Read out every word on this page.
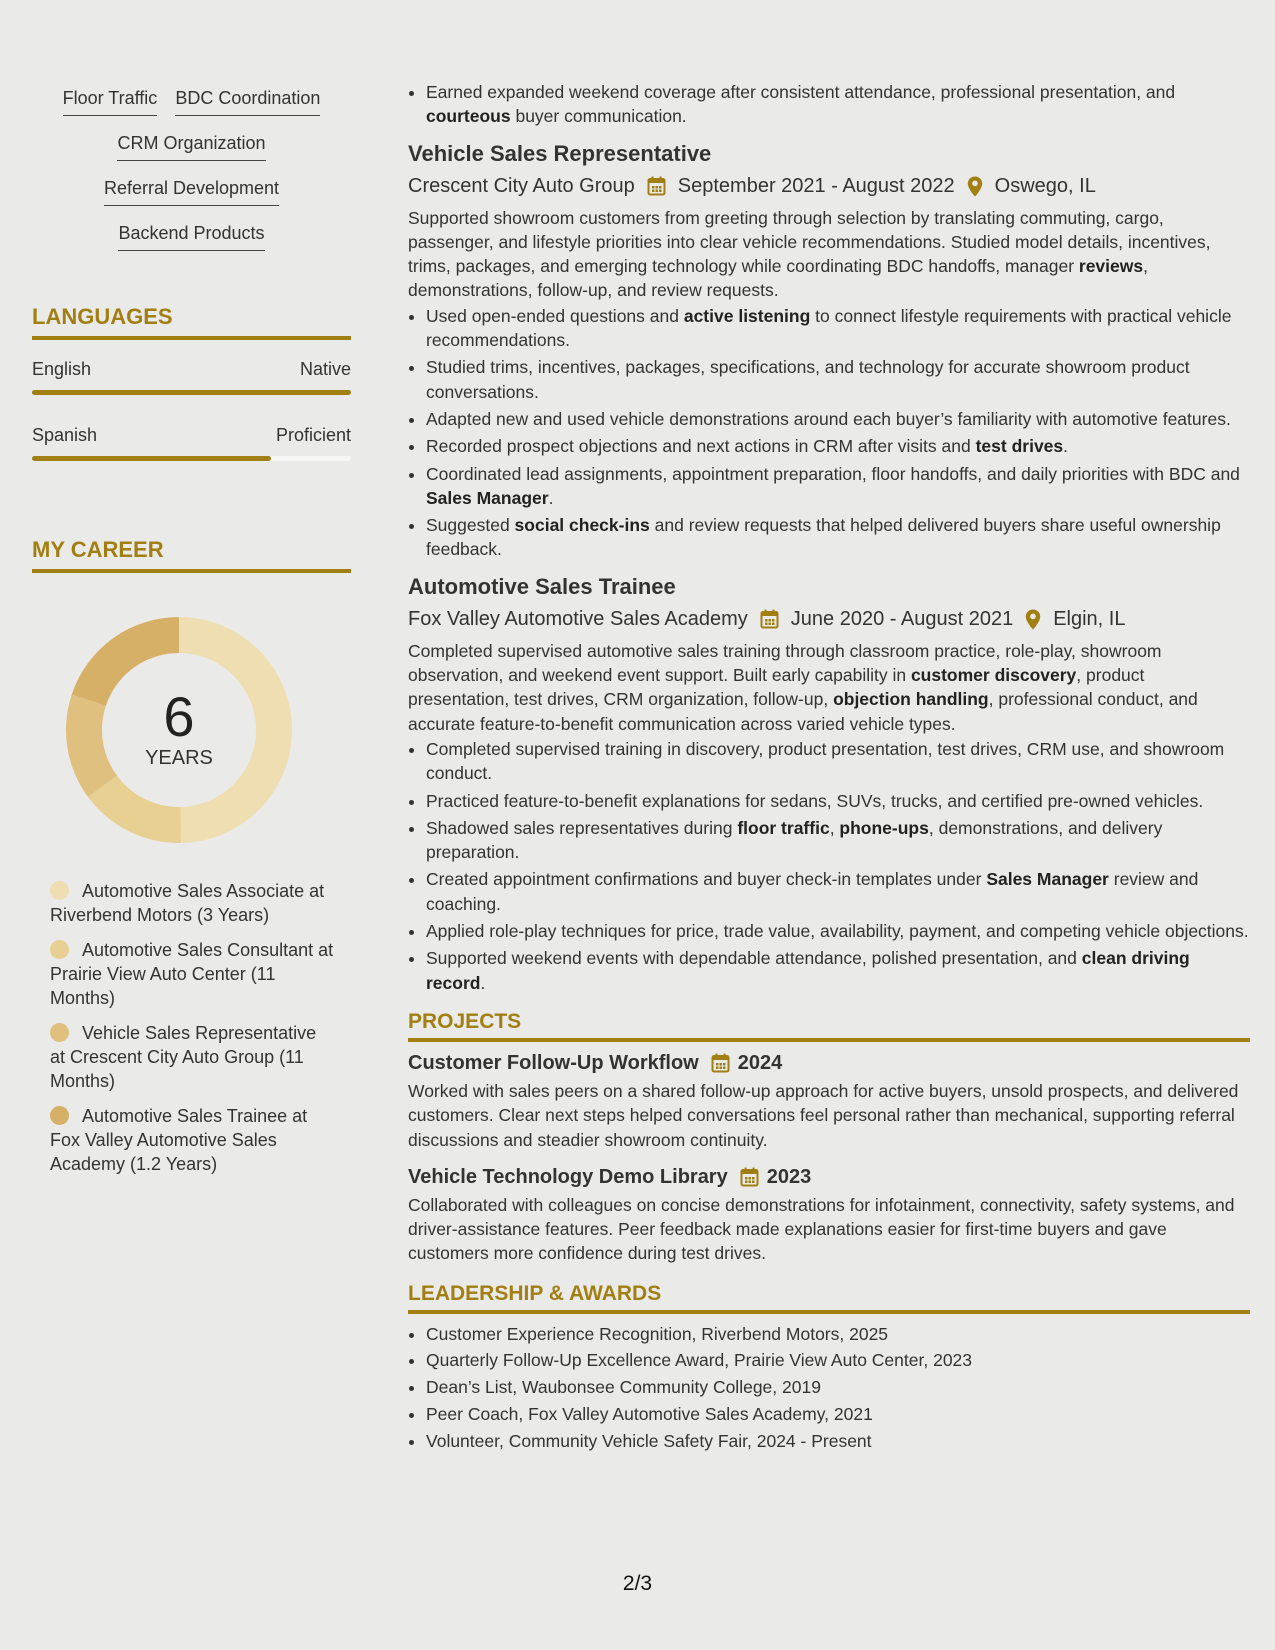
Floor Traffic BDC Coordination
CRM Organization
Referral Development
Backend Products
LANGUAGES
English	Native
Spanish	Proficient
MY CAREER
6
YEARS
Automotive Sales Associate at Riverbend Motors (3 Years)
Automotive Sales Consultant at Prairie View Auto Center (11 Months)
Vehicle Sales Representative at Crescent City Auto Group (11 Months)
Automotive Sales Trainee at Fox Valley Automotive Sales Academy (1.2 Years)
• Earned expanded weekend coverage after consistent attendance, professional presentation, and courteous buyer communication.
Vehicle Sales Representative
Crescent City Auto Group September 2021 - August 2022 Oswego, IL
Supported showroom customers from greeting through selection by translating commuting, cargo, passenger, and lifestyle priorities into clear vehicle recommendations. Studied model details, incentives, trims, packages, and emerging technology while coordinating BDC handoffs, manager reviews, demonstrations, follow-up, and review requests.
• Used open-ended questions and active listening to connect lifestyle requirements with practical vehicle recommendations.
• Studied trims, incentives, packages, specifications, and technology for accurate showroom product conversations.
• Adapted new and used vehicle demonstrations around each buyer’s familiarity with automotive features.
• Recorded prospect objections and next actions in CRM after visits and test drives.
• Coordinated lead assignments, appointment preparation, floor handoffs, and daily priorities with BDC and Sales Manager.
• Suggested social check-ins and review requests that helped delivered buyers share useful ownership feedback.
Automotive Sales Trainee
Fox Valley Automotive Sales Academy June 2020 - August 2021 Elgin, IL
Completed supervised automotive sales training through classroom practice, role-play, showroom observation, and weekend event support. Built early capability in customer discovery, product presentation, test drives, CRM organization, follow-up, objection handling, professional conduct, and accurate feature-to-benefit communication across varied vehicle types.
• Completed supervised training in discovery, product presentation, test drives, CRM use, and showroom conduct.
• Practiced feature-to-benefit explanations for sedans, SUVs, trucks, and certified pre-owned vehicles.
• Shadowed sales representatives during floor traffic, phone-ups, demonstrations, and delivery preparation.
• Created appointment confirmations and buyer check-in templates under Sales Manager review and coaching.
• Applied role-play techniques for price, trade value, availability, payment, and competing vehicle objections.
• Supported weekend events with dependable attendance, polished presentation, and clean driving record.
PROJECTS
Customer Follow-Up Workflow 2024
Worked with sales peers on a shared follow-up approach for active buyers, unsold prospects, and delivered customers. Clear next steps helped conversations feel personal rather than mechanical, supporting referral discussions and steadier showroom continuity.
Vehicle Technology Demo Library 2023
Collaborated with colleagues on concise demonstrations for infotainment, connectivity, safety systems, and driver-assistance features. Peer feedback made explanations easier for first-time buyers and gave customers more confidence during test drives.
LEADERSHIP & AWARDS
• Customer Experience Recognition, Riverbend Motors, 2025
• Quarterly Follow-Up Excellence Award, Prairie View Auto Center, 2023
• Dean’s List, Waubonsee Community College, 2019
• Peer Coach, Fox Valley Automotive Sales Academy, 2021
• Volunteer, Community Vehicle Safety Fair, 2024 - Present
2/3
